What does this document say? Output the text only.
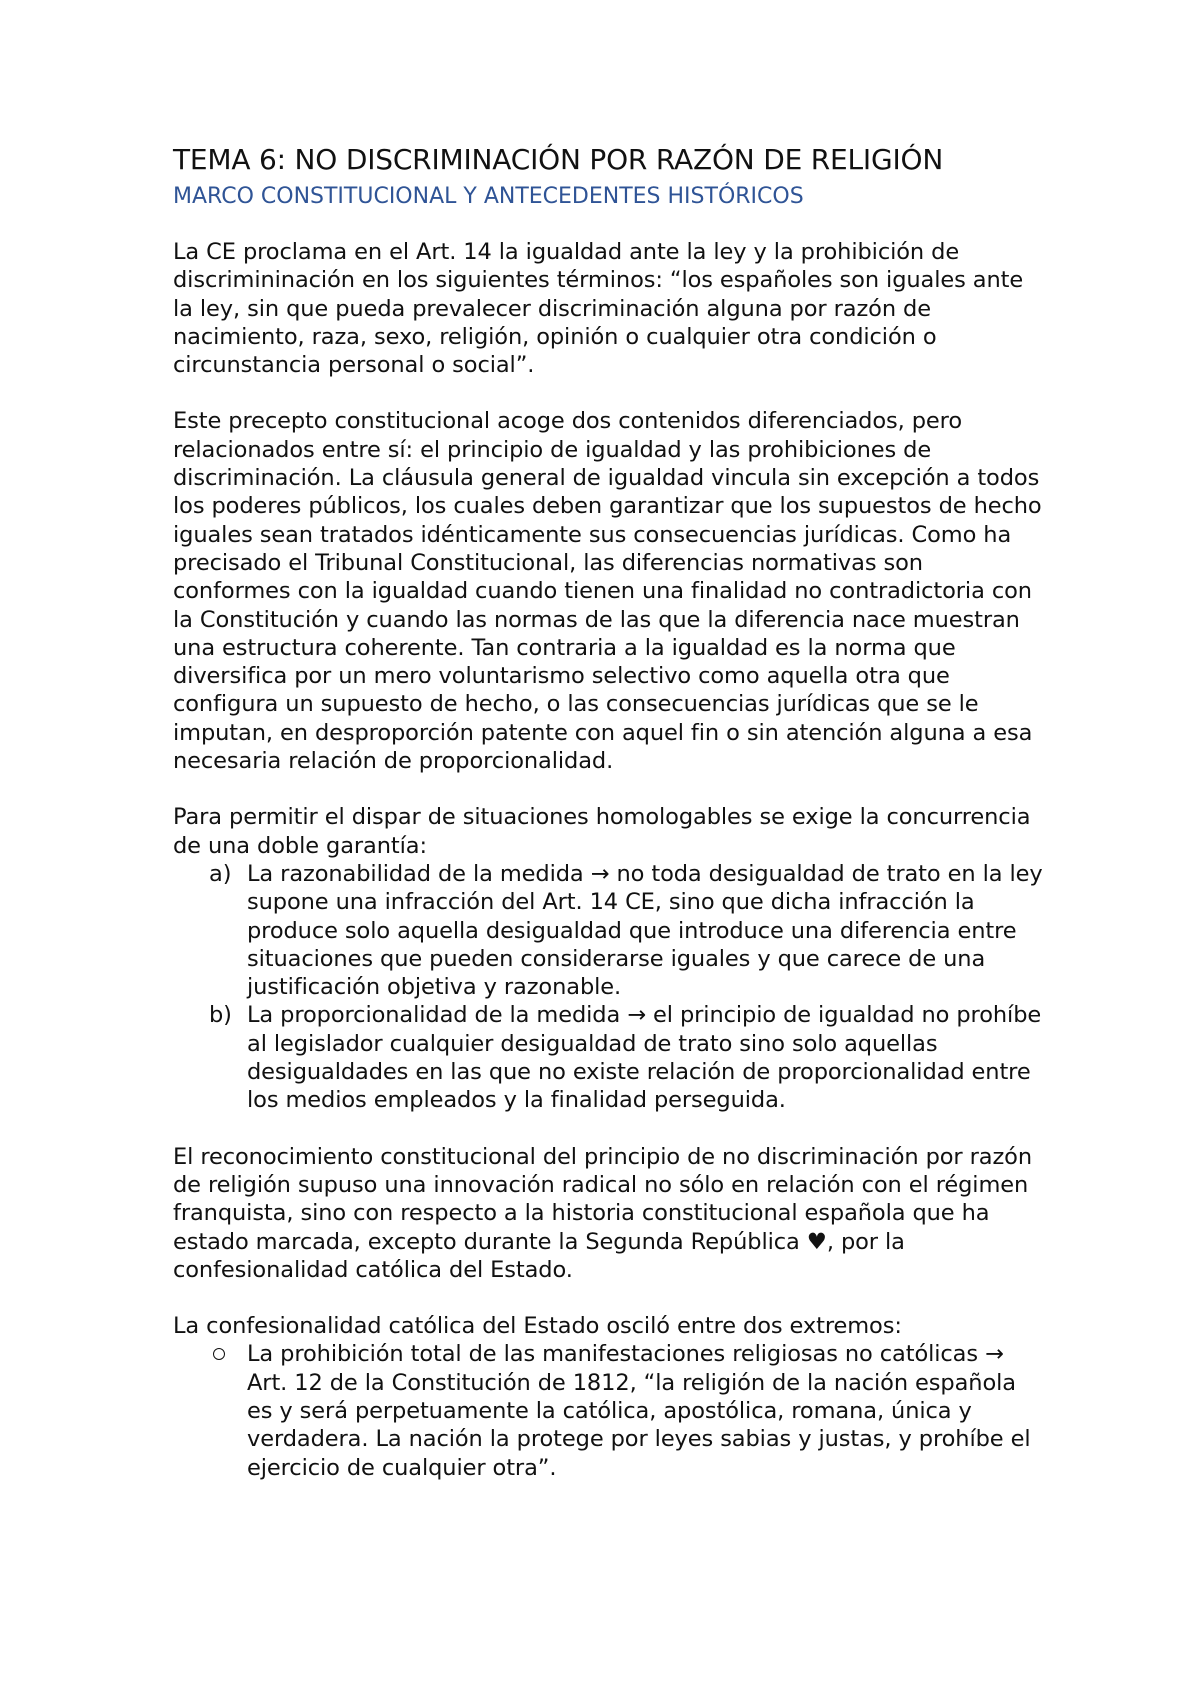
TEMA 6: NO DISCRIMINACIÓN POR RAZÓN DE RELIGIÓN
MARCO CONSTITUCIONAL Y ANTECEDENTES HISTÓRICOS

La CE proclama en el Art. 14 la igualdad ante la ley y la prohibición de discrimininación en los siguientes términos: “los españoles son iguales ante la ley, sin que pueda prevalecer discriminación alguna por razón de nacimiento, raza, sexo, religión, opinión o cualquier otra condición o circunstancia personal o social”.

Este precepto constitucional acoge dos contenidos diferenciados, pero relacionados entre sí: el principio de igualdad y las prohibiciones de discriminación. La cláusula general de igualdad vincula sin excepción a todos los poderes públicos, los cuales deben garantizar que los supuestos de hecho iguales sean tratados idénticamente sus consecuencias jurídicas. Como ha precisado el Tribunal Constitucional, las diferencias normativas son conformes con la igualdad cuando tienen una finalidad no contradictoria con la Constitución y cuando las normas de las que la diferencia nace muestran una estructura coherente. Tan contraria a la igualdad es la norma que diversifica por un mero voluntarismo selectivo como aquella otra que configura un supuesto de hecho, o las consecuencias jurídicas que se le imputan, en desproporción patente con aquel fin o sin atención alguna a esa necesaria relación de proporcionalidad.

Para permitir el dispar de situaciones homologables se exige la concurrencia de una doble garantía:

a) La razonabilidad de la medida → no toda desigualdad de trato en la ley supone una infracción del Art. 14 CE, sino que dicha infracción la produce solo aquella desigualdad que introduce una diferencia entre situaciones que pueden considerarse iguales y que carece de una justificación objetiva y razonable.
b) La proporcionalidad de la medida → el principio de igualdad no prohíbe al legislador cualquier desigualdad de trato sino solo aquellas desigualdades en las que no existe relación de proporcionalidad entre los medios empleados y la finalidad perseguida.

El reconocimiento constitucional del principio de no discriminación por razón de religión supuso una innovación radical no sólo en relación con el régimen franquista, sino con respecto a la historia constitucional española que ha estado marcada, excepto durante la Segunda República ♥, por la confesionalidad católica del Estado.

La confesionalidad católica del Estado osciló entre dos extremos:

La prohibición total de las manifestaciones religiosas no católicas → Art. 12 de la Constitución de 1812, “la religión de la nación española es y será perpetuamente la católica, apostólica, romana, única y verdadera. La nación la protege por leyes sabias y justas, y prohíbe el ejercicio de cualquier otra”.
